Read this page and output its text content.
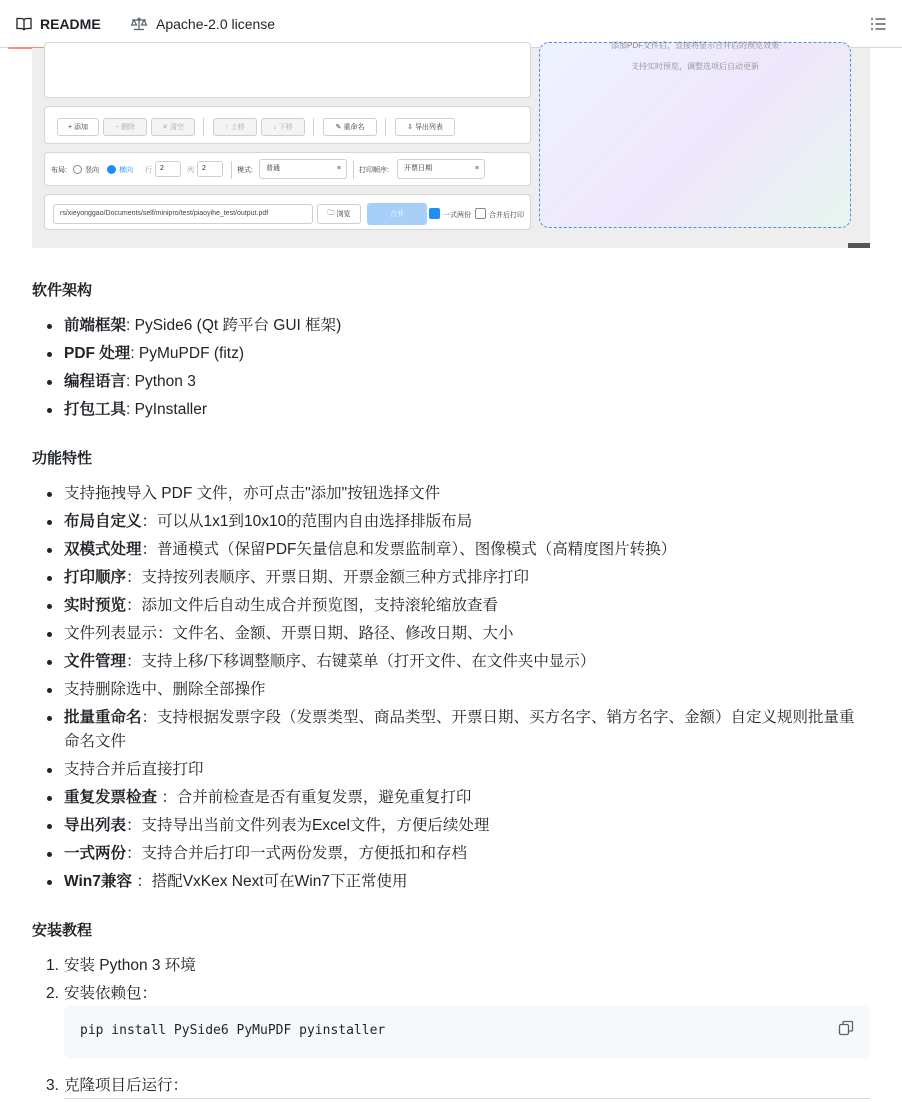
README	Apache-2.0 license
+ 添加	− 删除	✕ 清空	↑ 上移	↓ 下移	✎ 重命名	⇩ 导出列表
布局:	竖向	横向 行	2	列	2	模式:	普通	≡	打印顺序:	开票日期	≡
rs/xieyonggao/Documents/self/minipro/test/piaoyihe_test/output.pdf	🗀 浏览	合并	一式两份	合并后打印
添加PDF文件后，直接将显示合并后的预览效果
支持实时预览，调整选项后自动更新
软件架构
前端框架: PySide6 (Qt 跨平台 GUI 框架)
PDF 处理: PyMuPDF (fitz)
编程语言: Python 3
打包工具: PyInstaller
功能特性
支持拖拽导入 PDF 文件，亦可点击"添加"按钮选择文件
布局自定义：可以从1x1到10x10的范围内自由选择排版布局
双模式处理：普通模式（保留PDF矢量信息和发票监制章）、图像模式（高精度图片转换）
打印顺序：支持按列表顺序、开票日期、开票金额三种方式排序打印
实时预览：添加文件后自动生成合并预览图，支持滚轮缩放查看
文件列表显示：文件名、金额、开票日期、路径、修改日期、大小
文件管理：支持上移/下移调整顺序、右键菜单（打开文件、在文件夹中显示）
支持删除选中、删除全部操作
批量重命名：支持根据发票字段（发票类型、商品类型、开票日期、买方名字、销方名字、金额）自定义规则批量重命名文件
支持合并后直接打印
重复发票检查 ：合并前检查是否有重复发票，避免重复打印
导出列表：支持导出当前文件列表为Excel文件，方便后续处理
一式两份：支持合并后打印一式两份发票，方便抵扣和存档
Win7兼容 ：搭配VxKex Next可在Win7下正常使用
安装教程
1. 安装 Python 3 环境
2. 安装依赖包：
pip install PySide6 PyMuPDF pyinstaller
3. 克隆项目后运行：
